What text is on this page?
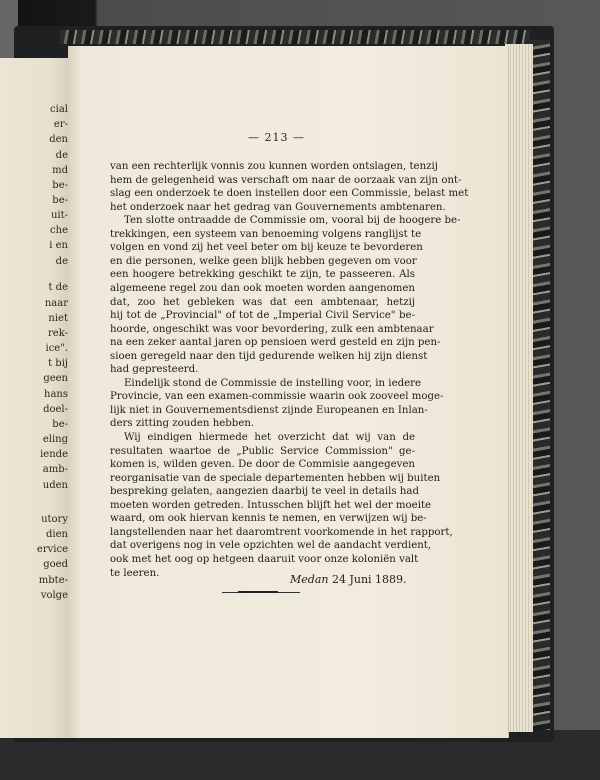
cial
er-
den
de
md
be-
be-
uit-
che
i en
de
t de
naar
niet
rek-
ice".
t bij
geen
hans
doel-
be-
eling
iende
amb-
uden
utory
dien
ervice
goed
mbte-
volge
— 213 —
van een rechterlijk vonnis zou kunnen worden ontslagen, tenzij
hem de gelegenheid was verschaft om naar de oorzaak van zijn ont-
slag een onderzoek te doen instellen door een Commissie, belast met
het onderzoek naar het gedrag van Gouvernements ambtenaren.
Ten slotte ontraadde de Commissie om, vooral bij de hoogere be-
trekkingen, een systeem van benoeming volgens ranglijst te
volgen en vond zij het veel beter om bij keuze te bevorderen
en die personen, welke geen blijk hebben gegeven om voor
een hoogere betrekking geschikt te zijn, te passeeren. Als
algemeene regel zou dan ook moeten worden aangenomen
dat, zoo het gebleken was dat een ambtenaar, hetzij
hij tot de „Provincial" of tot de „Imperial Civil Service" be-
hoorde, ongeschikt was voor bevordering, zulk een ambtenaar
na een zeker aantal jaren op pensioen werd gesteld en zijn pen-
sioen geregeld naar den tijd gedurende welken hij zijn dienst
had gepresteerd.
Eindelijk stond de Commissie de instelling voor, in iedere
Provincie, van een examen-commissie waarin ook zooveel moge-
lijk niet in Gouvernementsdienst zijnde Europeanen en Inlan-
ders zitting zouden hebben.
Wij eindigen hiermede het overzicht dat wij van de
resultaten waartoe de „Public Service Commission" ge-
komen is, wilden geven. De door de Commisie aangegeven
reorganisatie van de speciale departementen hebben wij buiten
bespreking gelaten, aangezien daarbij te veel in details had
moeten worden getreden. Intusschen blijft het wel der moeite
waard, om ook hiervan kennis te nemen, en verwijzen wij be-
langstellenden naar het daaromtrent voorkomende in het rapport,
dat overigens nog in vele opzichten wel de aandacht verdient,
ook met het oog op hetgeen daaruit voor onze koloniën valt
te leeren.	Medan 24 Juni 1889.
